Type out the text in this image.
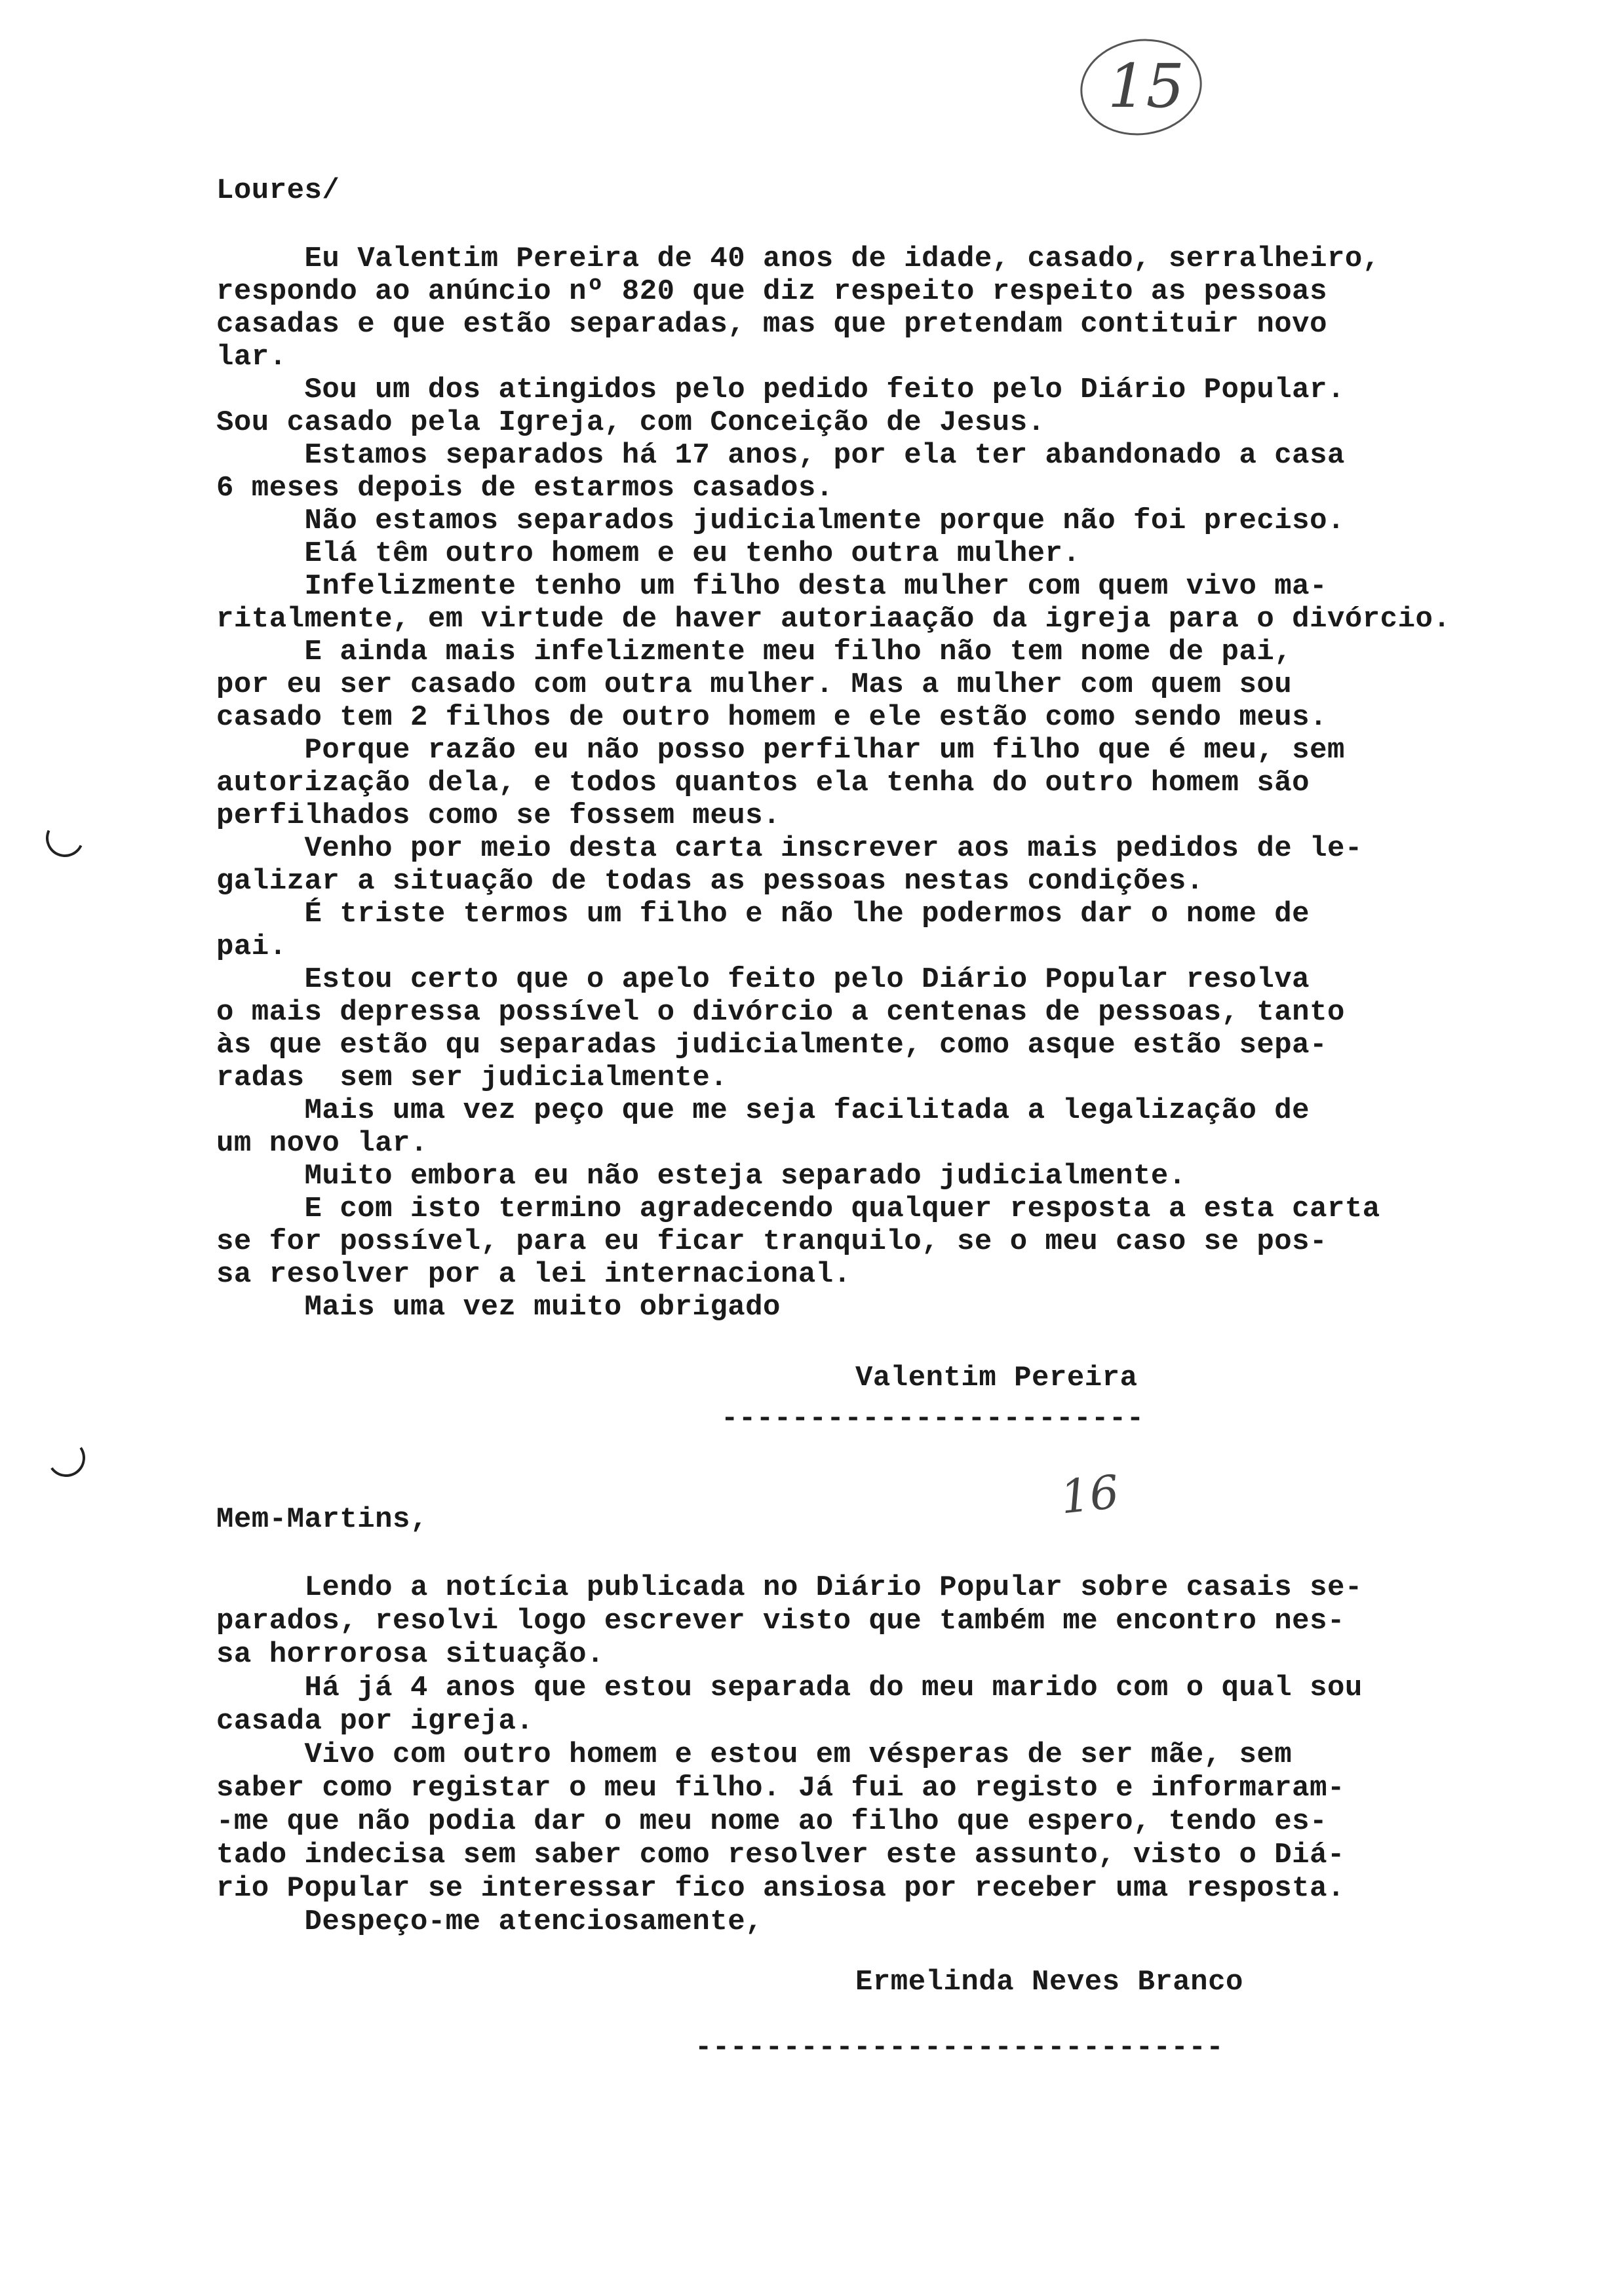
15
Loures/
Eu Valentim Pereira de 40 anos de idade, casado, serralheiro,
respondo ao anúncio nº 820 que diz respeito respeito as pessoas
casadas e que estão separadas, mas que pretendam contituir novo
lar.
Sou um dos atingidos pelo pedido feito pelo Diário Popular.
Sou casado pela Igreja, com Conceição de Jesus.
Estamos separados há 17 anos, por ela ter abandonado a casa
6 meses depois de estarmos casados.
Não estamos separados judicialmente porque não foi preciso.
Elá têm outro homem e eu tenho outra mulher.
Infelizmente tenho um filho desta mulher com quem vivo ma-
ritalmente, em virtude de haver autoriaação da igreja para o divórcio.
E ainda mais infelizmente meu filho não tem nome de pai,
por eu ser casado com outra mulher. Mas a mulher com quem sou
casado tem 2 filhos de outro homem e ele estão como sendo meus.
Porque razão eu não posso perfilhar um filho que é meu, sem
autorização dela, e todos quantos ela tenha do outro homem são
perfilhados como se fossem meus.
Venho por meio desta carta inscrever aos mais pedidos de le-
galizar a situação de todas as pessoas nestas condições.
É triste termos um filho e não lhe podermos dar o nome de
pai.
Estou certo que o apelo feito pelo Diário Popular resolva
o mais depressa possível o divórcio a centenas de pessoas, tanto
às que estão qu separadas judicialmente, como asque estão sepa-
radas  sem ser judicialmente.
Mais uma vez peço que me seja facilitada a legalização de
um novo lar.
Muito embora eu não esteja separado judicialmente.
E com isto termino agradecendo qualquer resposta a esta carta
se for possível, para eu ficar tranquilo, se o meu caso se pos-
sa resolver por a lei internacional.
Mais uma vez muito obrigado
Valentim Pereira
------------------------
16
Mem-Martins,
Lendo a notícia publicada no Diário Popular sobre casais se-
parados, resolvi logo escrever visto que também me encontro nes-
sa horrorosa situação.
Há já 4 anos que estou separada do meu marido com o qual sou
casada por igreja.
Vivo com outro homem e estou em vésperas de ser mãe, sem
saber como registar o meu filho. Já fui ao registo e informaram-
-me que não podia dar o meu nome ao filho que espero, tendo es-
tado indecisa sem saber como resolver este assunto, visto o Diá-
rio Popular se interessar fico ansiosa por receber uma resposta.
Despeço-me atenciosamente,
Ermelinda Neves Branco
------------------------------
